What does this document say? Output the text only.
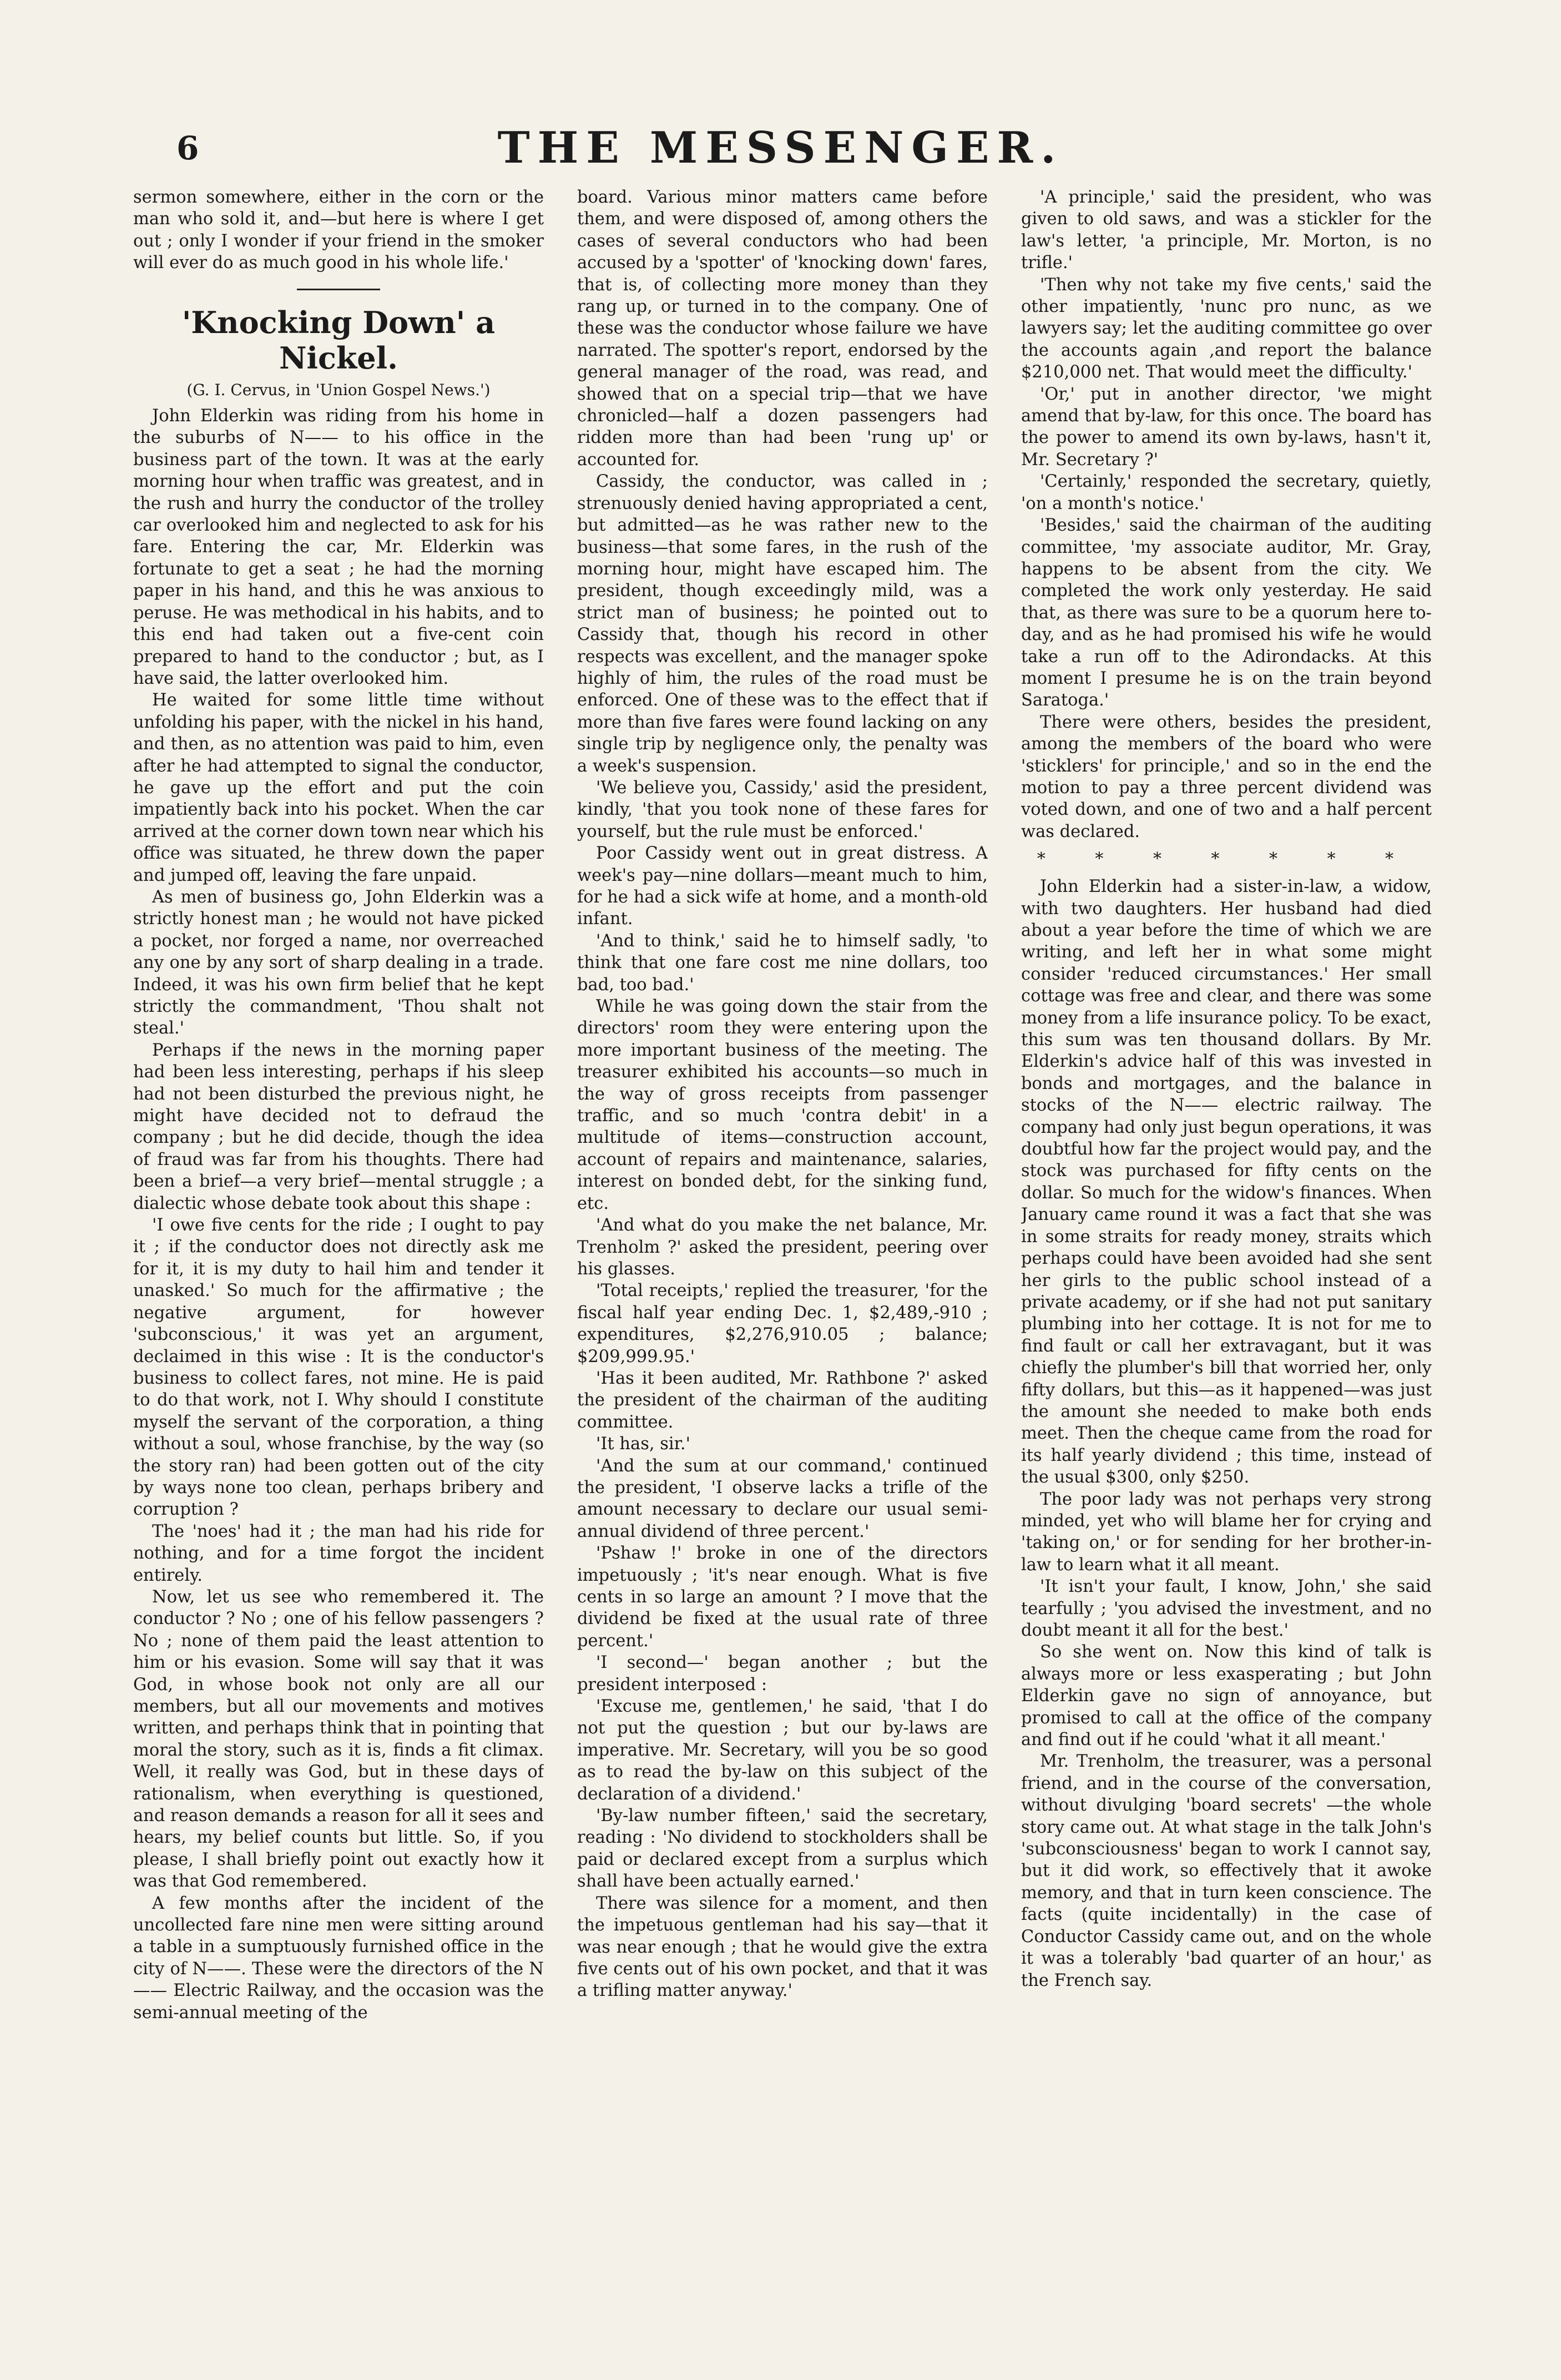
6	THE MESSENGER.

sermon somewhere, either in the corn or the man who sold it, and—but here is where I get out ; only I wonder if your friend in the smoker will ever do as much good in his whole life.'

'Knocking Down' a Nickel.
(G. I. Cervus, in 'Union Gospel News.')

John Elderkin was riding from his home in the suburbs of N—— to his office in the business part of the town. It was at the early morning hour when traffic was greatest, and in the rush and hurry the conductor of the trolley car overlooked him and neglected to ask for his fare. Entering the car, Mr. Elderkin was fortunate to get a seat ; he had the morning paper in his hand, and this he was anxious to peruse. He was methodical in his habits, and to this end had taken out a five-cent coin prepared to hand to the conductor ; but, as I have said, the latter overlooked him.

He waited for some little time without unfolding his paper, with the nickel in his hand, and then, as no attention was paid to him, even after he had attempted to signal the conductor, he gave up the effort and put the coin impatiently back into his pocket. When the car arrived at the corner down town near which his office was situated, he threw down the paper and jumped off, leaving the fare unpaid.

As men of business go, John Elderkin was a strictly honest man ; he would not have picked a pocket, nor forged a name, nor overreached any one by any sort of sharp dealing in a trade. Indeed, it was his own firm belief that he kept strictly the commandment, 'Thou shalt not steal.'

Perhaps if the news in the morning paper had been less interesting, perhaps if his sleep had not been disturbed the previous night, he might have decided not to defraud the company ; but he did decide, though the idea of fraud was far from his thoughts. There had been a brief—a very brief—mental struggle ; a dialectic whose debate took about this shape :

'I owe five cents for the ride ; I ought to pay it ; if the conductor does not directly ask me for it, it is my duty to hail him and tender it unasked.' So much for the affirmative ; the negative argument, for however 'subconscious,' it was yet an argument, declaimed in this wise : It is the conductor's business to collect fares, not mine. He is paid to do that work, not I. Why should I constitute myself the servant of the corporation, a thing without a soul, whose franchise, by the way (so the story ran) had been gotten out of the city by ways none too clean, perhaps bribery and corruption ?

The 'noes' had it ; the man had his ride for nothing, and for a time forgot the incident entirely.

Now, let us see who remembered it. The conductor ? No ; one of his fellow passengers ? No ; none of them paid the least attention to him or his evasion. Some will say that it was God, in whose book not only are all our members, but all our movements and motives written, and perhaps think that in pointing that moral the story, such as it is, finds a fit climax. Well, it really was God, but in these days of rationalism, when everything is questioned, and reason demands a reason for all it sees and hears, my belief counts but little. So, if you please, I shall briefly point out exactly how it was that God remembered.

A few months after the incident of the uncollected fare nine men were sitting around a table in a sumptuously furnished office in the city of N——. These were the directors of the N—— Electric Railway, and the occasion was the semi-annual meeting of the

board. Various minor matters came before them, and were disposed of, among others the cases of several conductors who had been accused by a 'spotter' of 'knocking down' fares, that is, of collecting more money than they rang up, or turned in to the company. One of these was the conductor whose failure we have narrated. The spotter's report, endorsed by the general manager of the road, was read, and showed that on a special trip—that we have chronicled—half a dozen passengers had ridden more than had been 'rung up' or accounted for.

Cassidy, the conductor, was called in ; strenuously denied having appropriated a cent, but admitted—as he was rather new to the business—that some fares, in the rush of the morning hour, might have escaped him. The president, though exceedingly mild, was a strict man of business; he pointed out to Cassidy that, though his record in other respects was excellent, and the manager spoke highly of him, the rules of the road must be enforced. One of these was to the effect that if more than five fares were found lacking on any single trip by negligence only, the penalty was a week's suspension.

'We believe you, Cassidy,' asid the president, kindly, 'that you took none of these fares for yourself, but the rule must be enforced.'

Poor Cassidy went out in great distress. A week's pay—nine dollars—meant much to him, for he had a sick wife at home, and a month-old infant.

'And to think,' said he to himself sadly, 'to think that one fare cost me nine dollars, too bad, too bad.'

While he was going down the stair from the directors' room they were entering upon the more important business of the meeting. The treasurer exhibited his accounts—so much in the way of gross receipts from passenger traffic, and so much 'contra debit' in a multitude of items—construction account, account of repairs and maintenance, salaries, interest on bonded debt, for the sinking fund, etc.

'And what do you make the net balance, Mr. Trenholm ?' asked the president, peering over his glasses.

'Total receipts,' replied the treasurer, 'for the fiscal half year ending Dec. 1, $2,489,-910 ; expenditures, $2,276,910.05 ; balance; $209,999.95.'

'Has it been audited, Mr. Rathbone ?' asked the president of the chairman of the auditing committee.

'It has, sir.'

'And the sum at our command,' continued the president, 'I observe lacks a trifle of the amount necessary to declare our usual semi-annual dividend of three percent.'

'Pshaw !' broke in one of the directors impetuously ; 'it's near enough. What is five cents in so large an amount ? I move that the dividend be fixed at the usual rate of three percent.'

'I second—' began another ; but the president interposed :

'Excuse me, gentlemen,' he said, 'that I do not put the question ; but our by-laws are imperative. Mr. Secretary, will you be so good as to read the by-law on this subject of the declaration of a dividend.'

'By-law number fifteen,' said the secretary, reading : 'No dividend to stockholders shall be paid or declared except from a surplus which shall have been actually earned.'

There was silence for a moment, and then the impetuous gentleman had his say—that it was near enough ; that he would give the extra five cents out of his own pocket, and that it was a trifling matter anyway.'

'A principle,' said the president, who was given to old saws, and was a stickler for the law's letter, 'a principle, Mr. Morton, is no trifle.'

'Then why not take my five cents,' said the other impatiently, 'nunc pro nunc, as we lawyers say; let the auditing committee go over the accounts again ,and report the balance $210,000 net. That would meet the difficulty.'

'Or,' put in another director, 'we might amend that by-law, for this once. The board has the power to amend its own by-laws, hasn't it, Mr. Secretary ?'

'Certainly,' responded the secretary, quietly, 'on a month's notice.'

'Besides,' said the chairman of the auditing committee, 'my associate auditor, Mr. Gray, happens to be absent from the city. We completed the work only yesterday. He said that, as there was sure to be a quorum here to-day, and as he had promised his wife he would take a run off to the Adirondacks. At this moment I presume he is on the train beyond Saratoga.'

There were others, besides the president, among the members of the board who were 'sticklers' for principle,' and so in the end the motion to pay a three percent dividend was voted down, and one of two and a half percent was declared.

* * * * * * *

John Elderkin had a sister-in-law, a widow, with two daughters. Her husband had died about a year before the time of which we are writing, and left her in what some might consider 'reduced circumstances.' Her small cottage was free and clear, and there was some money from a life insurance policy. To be exact, this sum was ten thousand dollars. By Mr. Elderkin's advice half of this was invested in bonds and mortgages, and the balance in stocks of the N—— electric railway. The company had only just begun operations, it was doubtful how far the project would pay, and the stock was purchased for fifty cents on the dollar. So much for the widow's finances. When January came round it was a fact that she was in some straits for ready money, straits which perhaps could have been avoided had she sent her girls to the public school instead of a private academy, or if she had not put sanitary plumbing into her cottage. It is not for me to find fault or call her extravagant, but it was chiefly the plumber's bill that worried her, only fifty dollars, but this—as it happened—was just the amount she needed to make both ends meet. Then the cheque came from the road for its half yearly dividend ; this time, instead of the usual $300, only $250.

The poor lady was not perhaps very strong minded, yet who will blame her for crying and 'taking on,' or for sending for her brother-in-law to learn what it all meant.

'It isn't your fault, I know, John,' she said tearfully ; 'you advised the investment, and no doubt meant it all for the best.'

So she went on. Now this kind of talk is always more or less exasperating ; but John Elderkin gave no sign of annoyance, but promised to call at the office of the company and find out if he could 'what it all meant.'

Mr. Trenholm, the treasurer, was a personal friend, and in the course of the conversation, without divulging 'board secrets' —the whole story came out. At what stage in the talk John's 'subconsciousness' began to work I cannot say, but it did work, so effectively that it awoke memory, and that in turn keen conscience. The facts (quite incidentally) in the case of Conductor Cassidy came out, and on the whole it was a tolerably 'bad quarter of an hour,' as the French say.
